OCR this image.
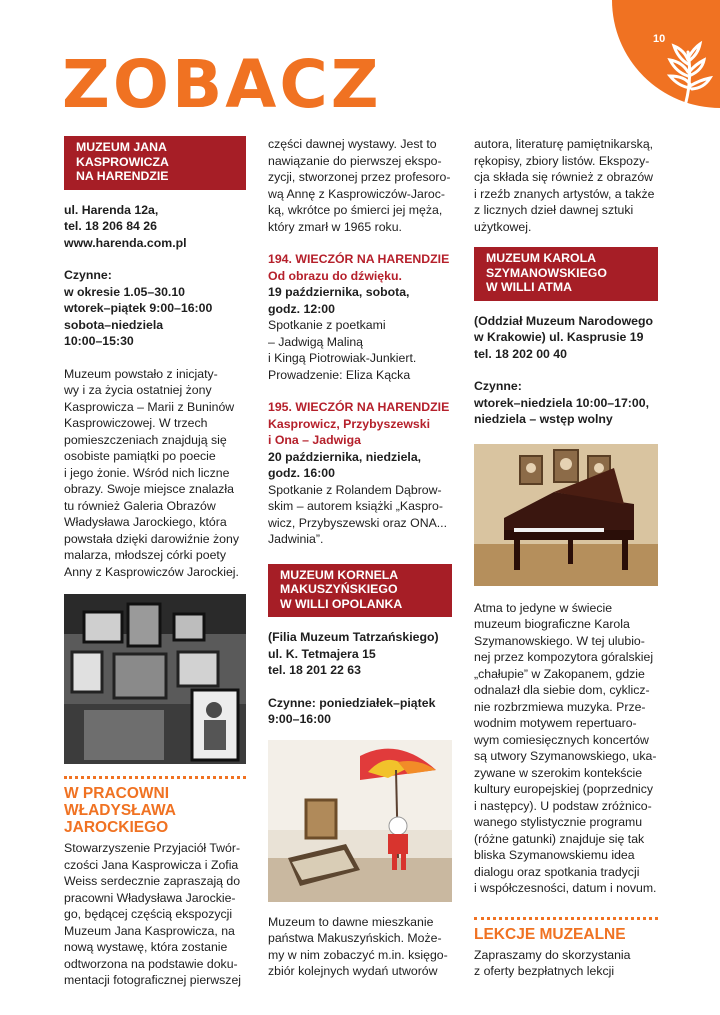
10
ZOBACZ
MUZEUM JANA
KASPROWICZA
NA HARENDZIE

ul. Harenda 12a,

tel. 18 206 84 26

www.harenda.com.pl

Czynne:

w okresie 1.05–30.10

wtorek–piątek 9:00–16:00

sobota–niedziela

10:00–15:30

Muzeum powstało z inicjaty-

wy i za życia ostatniej żony

Kasprowicza – Marii z Buninów

Kasprowiczowej. W trzech

pomieszczeniach znajdują się

osobiste pamiątki po poecie

i jego żonie. Wśród nich liczne

obrazy. Swoje miejsce znalazła

tu również Galeria Obrazów

Władysława Jarockiego, która

powstała dzięki darowiźnie żony

malarza, młodszej córki poety

Anny z Kasprowiczów Jarockiej.

W PRACOWNI
WŁADYSŁAWA
JAROCKIEGO

Stowarzyszenie Przyjaciół Twór-

czości Jana Kasprowicza i Zofia

Weiss serdecznie zapraszają do

pracowni Władysława Jarockie-

go, będącej częścią ekspozycji

Muzeum Jana Kasprowicza, na

nową wystawę, która zostanie

odtworzona na podstawie doku-

mentacji fotograficznej pierwszej

części dawnej wystawy. Jest to

nawiązanie do pierwszej ekspo-

zycji, stworzonej przez profesoro-

wą Annę z Kasprowiczów-Jaroc-

ką, wkrótce po śmierci jej męża,

który zmarł w 1965 roku.

194. WIECZÓR NA HARENDZIE

Od obrazu do dźwięku.

19 października, sobota,

godz. 12:00

Spotkanie z poetkami

– Jadwigą Maliną

i Kingą Piotrowiak-Junkiert.

Prowadzenie: Eliza Kącka

195. WIECZÓR NA HARENDZIE

Kasprowicz, Przybyszewski

i Ona – Jadwiga

20 października, niedziela,

godz. 16:00

Spotkanie z Rolandem Dąbrow-

skim – autorem książki „Kaspro-

wicz, Przybyszewski oraz ONA...

Jadwinia”.

MUZEUM KORNELA
MAKUSZYŃSKIEGO
W WILLI OPOLANKA

(Filia Muzeum Tatrzańskiego)

ul. K. Tetmajera 15

tel. 18 201 22 63

Czynne: poniedziałek–piątek

9:00–16:00

Muzeum to dawne mieszkanie

państwa Makuszyńskich. Może-

my w nim zobaczyć m.in. księgo-

zbiór kolejnych wydań utworów

autora, literaturę pamiętnikarską,

rękopisy, zbiory listów. Ekspozy-

cja składa się również z obrazów

i rzeźb znanych artystów, a także

z licznych dzieł dawnej sztuki

użytkowej.

MUZEUM KAROLA
SZYMANOWSKIEGO
W WILLI ATMA

(Oddział Muzeum Narodowego

w Krakowie) ul. Kasprusie 19

tel. 18 202 00 40

Czynne:

wtorek–niedziela 10:00–17:00,

niedziela – wstęp wolny

Atma to jedyne w świecie

muzeum biograficzne Karola

Szymanowskiego. W tej ulubio-

nej przez kompozytora góralskiej

„chałupie” w Zakopanem, gdzie

odnalazł dla siebie dom, cyklicz-

nie rozbrzmiewa muzyka. Prze-

wodnim motywem repertuaro-

wym comiesięcznych koncertów

są utwory Szymanowskiego, uka-

zywane w szerokim kontekście

kultury europejskiej (poprzednicy

i następcy). U podstaw zróżnico-

wanego stylistycznie programu

(różne gatunki) znajduje się tak

bliska Szymanowskiemu idea

dialogu oraz spotkania tradycji

i współczesności, datum i novum.

LEKCJE MUZEALNE

Zapraszamy do skorzystania

z oferty bezpłatnych lekcji
